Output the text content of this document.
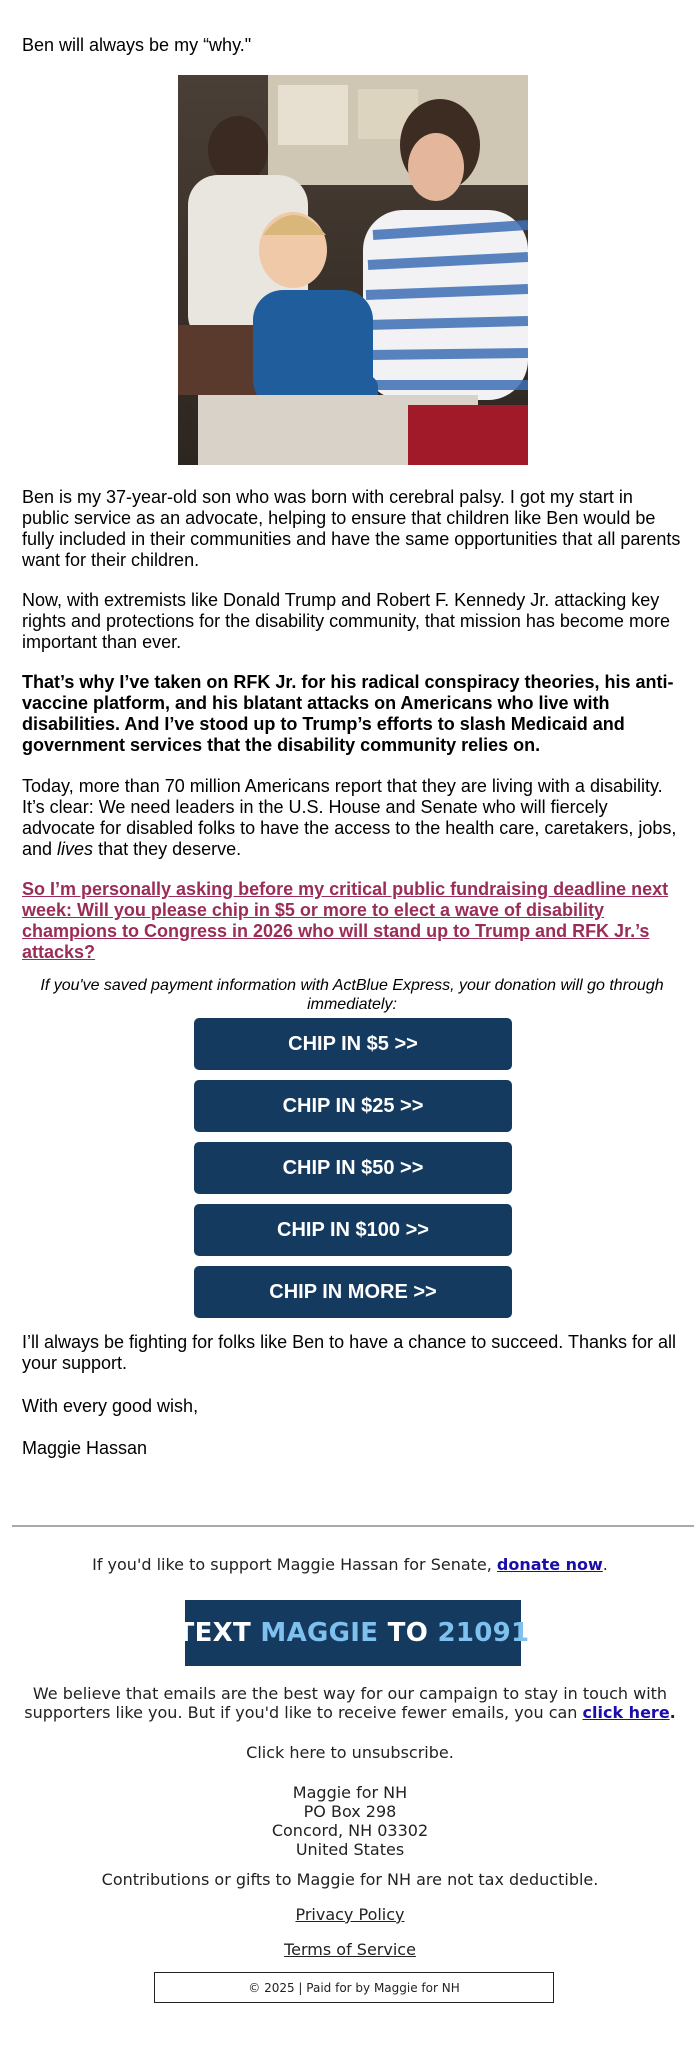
Ben will always be my “why."

Ben is my 37-year-old son who was born with cerebral palsy. I got my start in public service as an advocate, helping to ensure that children like Ben would be fully included in their communities and have the same opportunities that all parents want for their children.

Now, with extremists like Donald Trump and Robert F. Kennedy Jr. attacking key rights and protections for the disability community, that mission has become more important than ever.

That’s why I’ve taken on RFK Jr. for his radical conspiracy theories, his anti-vaccine platform, and his blatant attacks on Americans who live with disabilities. And I’ve stood up to Trump’s efforts to slash Medicaid and government services that the disability community relies on.

Today, more than 70 million Americans report that they are living with a disability. It’s clear: We need leaders in the U.S. House and Senate who will fiercely advocate for disabled folks to have the access to the health care, caretakers, jobs, and lives that they deserve.

So I’m personally asking before my critical public fundraising deadline next week: Will you please chip in $5 or more to elect a wave of disability champions to Congress in 2026 who will stand up to Trump and RFK Jr.’s attacks?
If you've saved payment information with ActBlue Express, your donation will go through immediately:
CHIP IN $5 >>
CHIP IN $25 >>
CHIP IN $50 >>
CHIP IN $100 >>
CHIP IN MORE >>

I’ll always be fighting for folks like Ben to have a chance to succeed. Thanks for all your support.

With every good wish,

Maggie Hassan

If you'd like to support Maggie Hassan for Senate, donate now.
TEXT
MAGGIE
TO
21091
We believe that emails are the best way for our campaign to stay in touch with supporters like you. But if you'd like to receive fewer emails, you can click here.
Click here to unsubscribe.
Maggie for NH
PO Box 298
Concord, NH 03302
United States
Contributions or gifts to Maggie for NH are not tax deductible.
Privacy Policy
Terms of Service
© 2025 | Paid for by Maggie for NH
